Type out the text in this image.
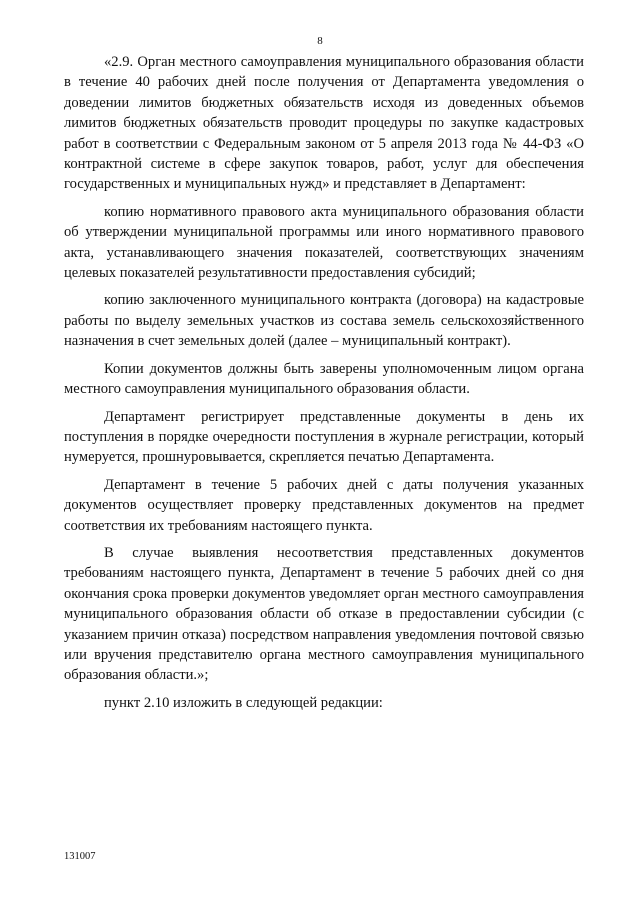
8

«2.9. Орган местного самоуправления муниципального образования области в течение 40 рабочих дней после получения от Департамента уведомления о доведении лимитов бюджетных обязательств исходя из доведенных объемов лимитов бюджетных обязательств проводит процедуры по закупке кадастровых работ в соответствии с Федеральным законом от 5 апреля 2013 года № 44-ФЗ «О контрактной системе в сфере закупок товаров, работ, услуг для обеспечения государственных и муниципальных нужд» и представляет в Департамент:

копию нормативного правового акта муниципального образования области об утверждении муниципальной программы или иного нормативного правового акта, устанавливающего значения показателей, соответствующих значениям целевых показателей результативности предоставления субсидий;

копию заключенного муниципального контракта (договора) на кадастровые работы по выделу земельных участков из состава земель сельскохозяйственного назначения в счет земельных долей (далее – муниципальный контракт).

Копии документов должны быть заверены уполномоченным лицом органа местного самоуправления муниципального образования области.

Департамент регистрирует представленные документы в день их поступления в порядке очередности поступления в журнале регистрации, который нумеруется, прошнуровывается, скрепляется печатью Департамента.

Департамент в течение 5 рабочих дней с даты получения указанных документов осуществляет проверку представленных документов на предмет соответствия их требованиям настоящего пункта.

В случае выявления несоответствия представленных документов требованиям настоящего пункта, Департамент в течение 5 рабочих дней со дня окончания срока проверки документов уведомляет орган местного самоуправления муниципального образования области об отказе в предоставлении субсидии (с указанием причин отказа) посредством направления уведомления почтовой связью или вручения представителю органа местного самоуправления муниципального образования области.»;

пункт 2.10 изложить в следующей редакции:

131007
